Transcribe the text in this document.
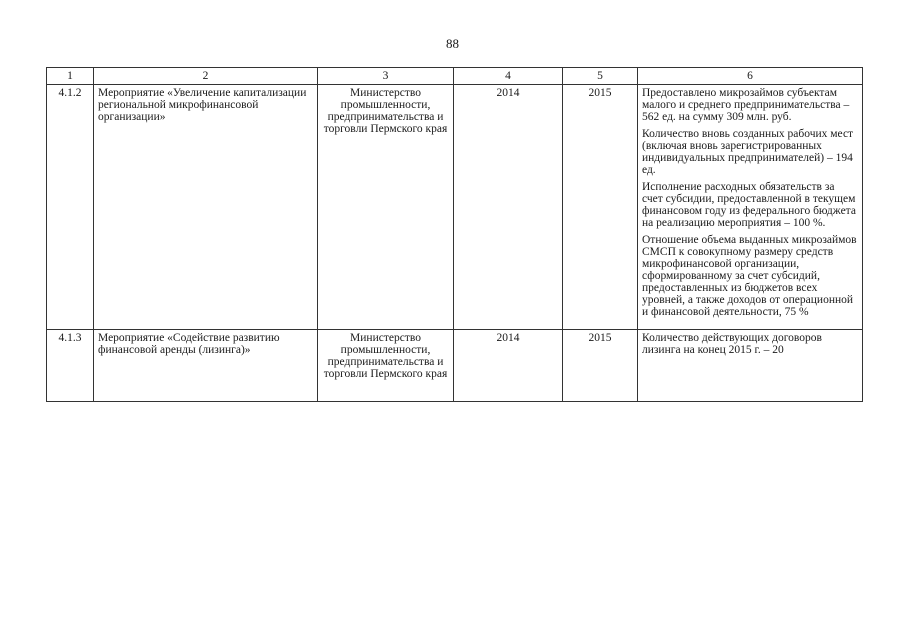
88
1	2	3	4	5	6
4.1.2	Мероприятие «Увеличение капитализации региональной микрофинансовой организации»	Министерство промышленности, предпринимательства и торговли Пермского края	2014	2015	Предоставлено микрозаймов субъектам малого и среднего предпринимательства – 562 ед. на сумму 309 млн. руб.

Количество вновь созданных рабочих мест (включая вновь зарегистрированных индивидуальных предпринимателей) – 194 ед.

Исполнение расходных обязательств за счет субсидии, предоставленной в текущем финансовом году из федерального бюджета на реализацию мероприятия – 100 %.

Отношение объема выданных микрозаймов СМСП к совокупному размеру средств микрофинансовой организации, сформированному за счет субсидий, предоставленных из бюджетов всех уровней, а также доходов от операционной и финансовой деятельности, 75 %

4.1.3	Мероприятие «Содействие развитию финансовой аренды (лизинга)»	Министерство промышленности, предпринимательства и торговли Пермского края	2014	2015	Количество действующих договоров лизинга на конец 2015 г. – 20
